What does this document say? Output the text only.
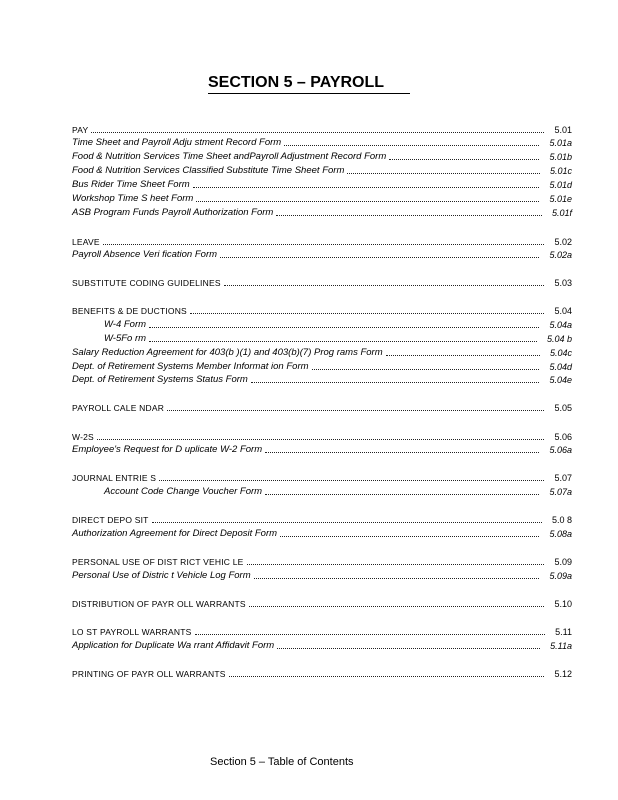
SECTION 5 – PAYROLL
PAY	5.01
Time Sheet and Payroll Adju stment Record Form	5.01a
Food & Nutrition Services Time Sheet andPayroll Adjustment Record Form	5.01b
Food & Nutrition Services Classified Substitute Time Sheet Form	5.01c
Bus Rider Time Sheet Form	5.01d
Workshop Time S heet Form	5.01e
ASB Program Funds Payroll Authorization Form	5.01f
LEAVE	5.02
Payroll Absence Veri fication Form	5.02a
SUBSTITUTE CODING GUIDELINES	5.03
BENEFITS & DE DUCTIONS	5.04
W-4 Form	5.04a
W-5Fo rm	5.04 b
Salary Reduction Agreement for 403(b )(1) and 403(b)(7) Prog rams Form	5.04c
Dept. of Retirement Systems Member Informat ion Form	5.04d
Dept. of Retirement Systems Status Form	5.04e
PAYROLL CALE NDAR	5.05
W-2S	5.06
Employee's Request for D uplicate W-2 Form	5.06a
JOURNAL ENTRIE S	5.07
Account Code Change Voucher Form	5.07a
DIRECT DEPO SIT	5.0 8
Authorization Agreement for Direct Deposit Form	5.08a
PERSONAL USE OF DIST RICT VEHIC LE	5.09
Personal Use of Distric t Vehicle Log Form	5.09a
DISTRIBUTION OF PAYR OLL WARRANTS	5.10
LO ST PAYROLL WARRANTS	5.11
Application for Duplicate Wa rrant Affidavit Form	5.11a
PRINTING OF PAYR OLL WARRANTS	5.12
Section 5 – Table of Contents
